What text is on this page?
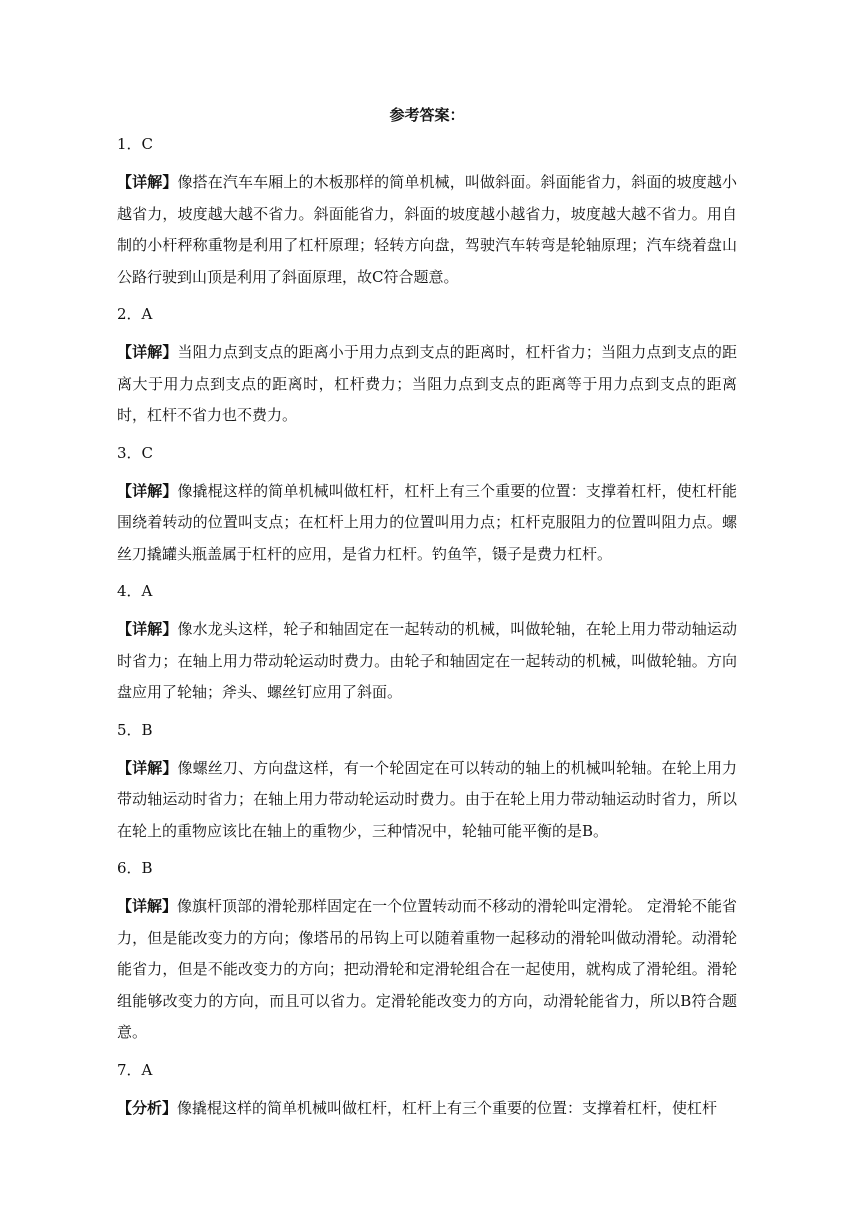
参考答案：
1．C
【详解】像搭在汽车车厢上的木板那样的简单机械，叫做斜面。斜面能省力，斜面的坡度越小越省力，坡度越大越不省力。斜面能省力，斜面的坡度越小越省力，坡度越大越不省力。用自制的小杆秤称重物是利用了杠杆原理；轻转方向盘，驾驶汽车转弯是轮轴原理；汽车绕着盘山公路行驶到山顶是利用了斜面原理，故C符合题意。
2．A
【详解】当阻力点到支点的距离小于用力点到支点的距离时，杠杆省力；当阻力点到支点的距离大于用力点到支点的距离时，杠杆费力；当阻力点到支点的距离等于用力点到支点的距离时，杠杆不省力也不费力。
3．C
【详解】像撬棍这样的简单机械叫做杠杆，杠杆上有三个重要的位置：支撑着杠杆，使杠杆能围绕着转动的位置叫支点；在杠杆上用力的位置叫用力点；杠杆克服阻力的位置叫阻力点。螺丝刀撬罐头瓶盖属于杠杆的应用，是省力杠杆。钓鱼竿，镊子是费力杠杆。
4．A
【详解】像水龙头这样，轮子和轴固定在一起转动的机械，叫做轮轴，在轮上用力带动轴运动时省力；在轴上用力带动轮运动时费力。由轮子和轴固定在一起转动的机械，叫做轮轴。方向盘应用了轮轴；斧头、螺丝钉应用了斜面。
5．B
【详解】像螺丝刀、方向盘这样，有一个轮固定在可以转动的轴上的机械叫轮轴。在轮上用力带动轴运动时省力；在轴上用力带动轮运动时费力。由于在轮上用力带动轴运动时省力，所以在轮上的重物应该比在轴上的重物少，三种情况中，轮轴可能平衡的是B。
6．B
【详解】像旗杆顶部的滑轮那样固定在一个位置转动而不移动的滑轮叫定滑轮。 定滑轮不能省力，但是能改变力的方向；像塔吊的吊钩上可以随着重物一起移动的滑轮叫做动滑轮。动滑轮能省力，但是不能改变力的方向；把动滑轮和定滑轮组合在一起使用，就构成了滑轮组。滑轮组能够改变力的方向，而且可以省力。定滑轮能改变力的方向，动滑轮能省力，所以B符合题意。
7．A
【分析】像撬棍这样的简单机械叫做杠杆，杠杆上有三个重要的位置：支撑着杠杆，使杠杆
